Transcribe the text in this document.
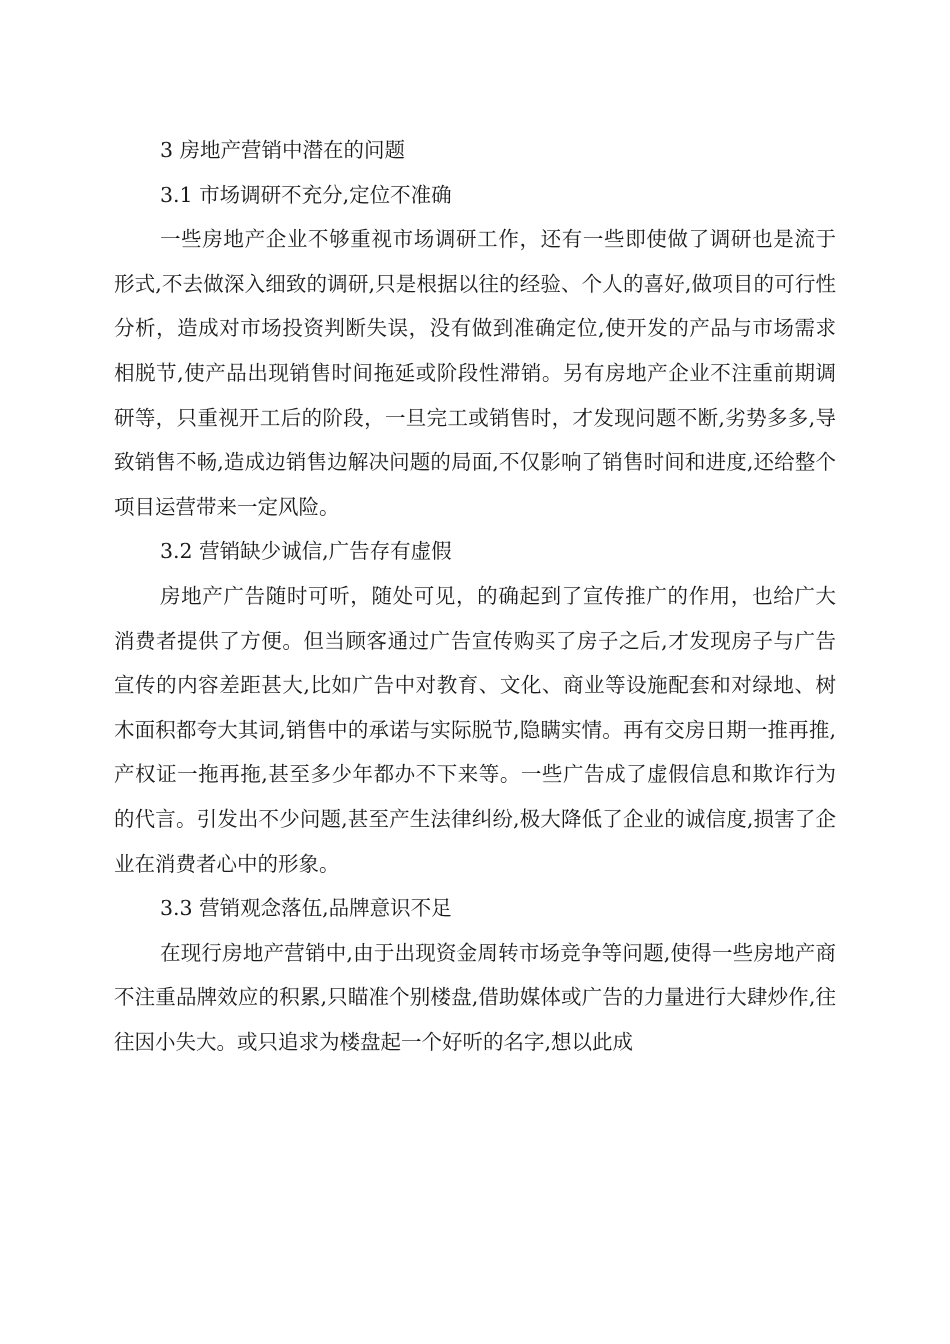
3 房地产营销中潜在的问题

3.1 市场调研不充分,定位不准确

一些房地产企业不够重视市场调研工作，还有一些即使做了调研也是流于形式,不去做深入细致的调研,只是根据以往的经验、个人的喜好,做项目的可行性分析，造成对市场投资判断失误，没有做到准确定位,使开发的产品与市场需求相脱节,使产品出现销售时间拖延或阶段性滞销。另有房地产企业不注重前期调研等，只重视开工后的阶段，一旦完工或销售时，才发现问题不断,劣势多多,导致销售不畅,造成边销售边解决问题的局面,不仅影响了销售时间和进度,还给整个项目运营带来一定风险。

3.2 营销缺少诚信,广告存有虚假

房地产广告随时可听，随处可见，的确起到了宣传推广的作用，也给广大消费者提供了方便。但当顾客通过广告宣传购买了房子之后,才发现房子与广告宣传的内容差距甚大,比如广告中对教育、文化、商业等设施配套和对绿地、树木面积都夸大其词,销售中的承诺与实际脱节,隐瞒实情。再有交房日期一推再推,产权证一拖再拖,甚至多少年都办不下来等。一些广告成了虚假信息和欺诈行为的代言。引发出不少问题,甚至产生法律纠纷,极大降低了企业的诚信度,损害了企业在消费者心中的形象。

3.3 营销观念落伍,品牌意识不足

在现行房地产营销中,由于出现资金周转市场竞争等问题,使得一些房地产商不注重品牌效应的积累,只瞄准个别楼盘,借助媒体或广告的力量进行大肆炒作,往往因小失大。或只追求为楼盘起一个好听的名字,想以此成
